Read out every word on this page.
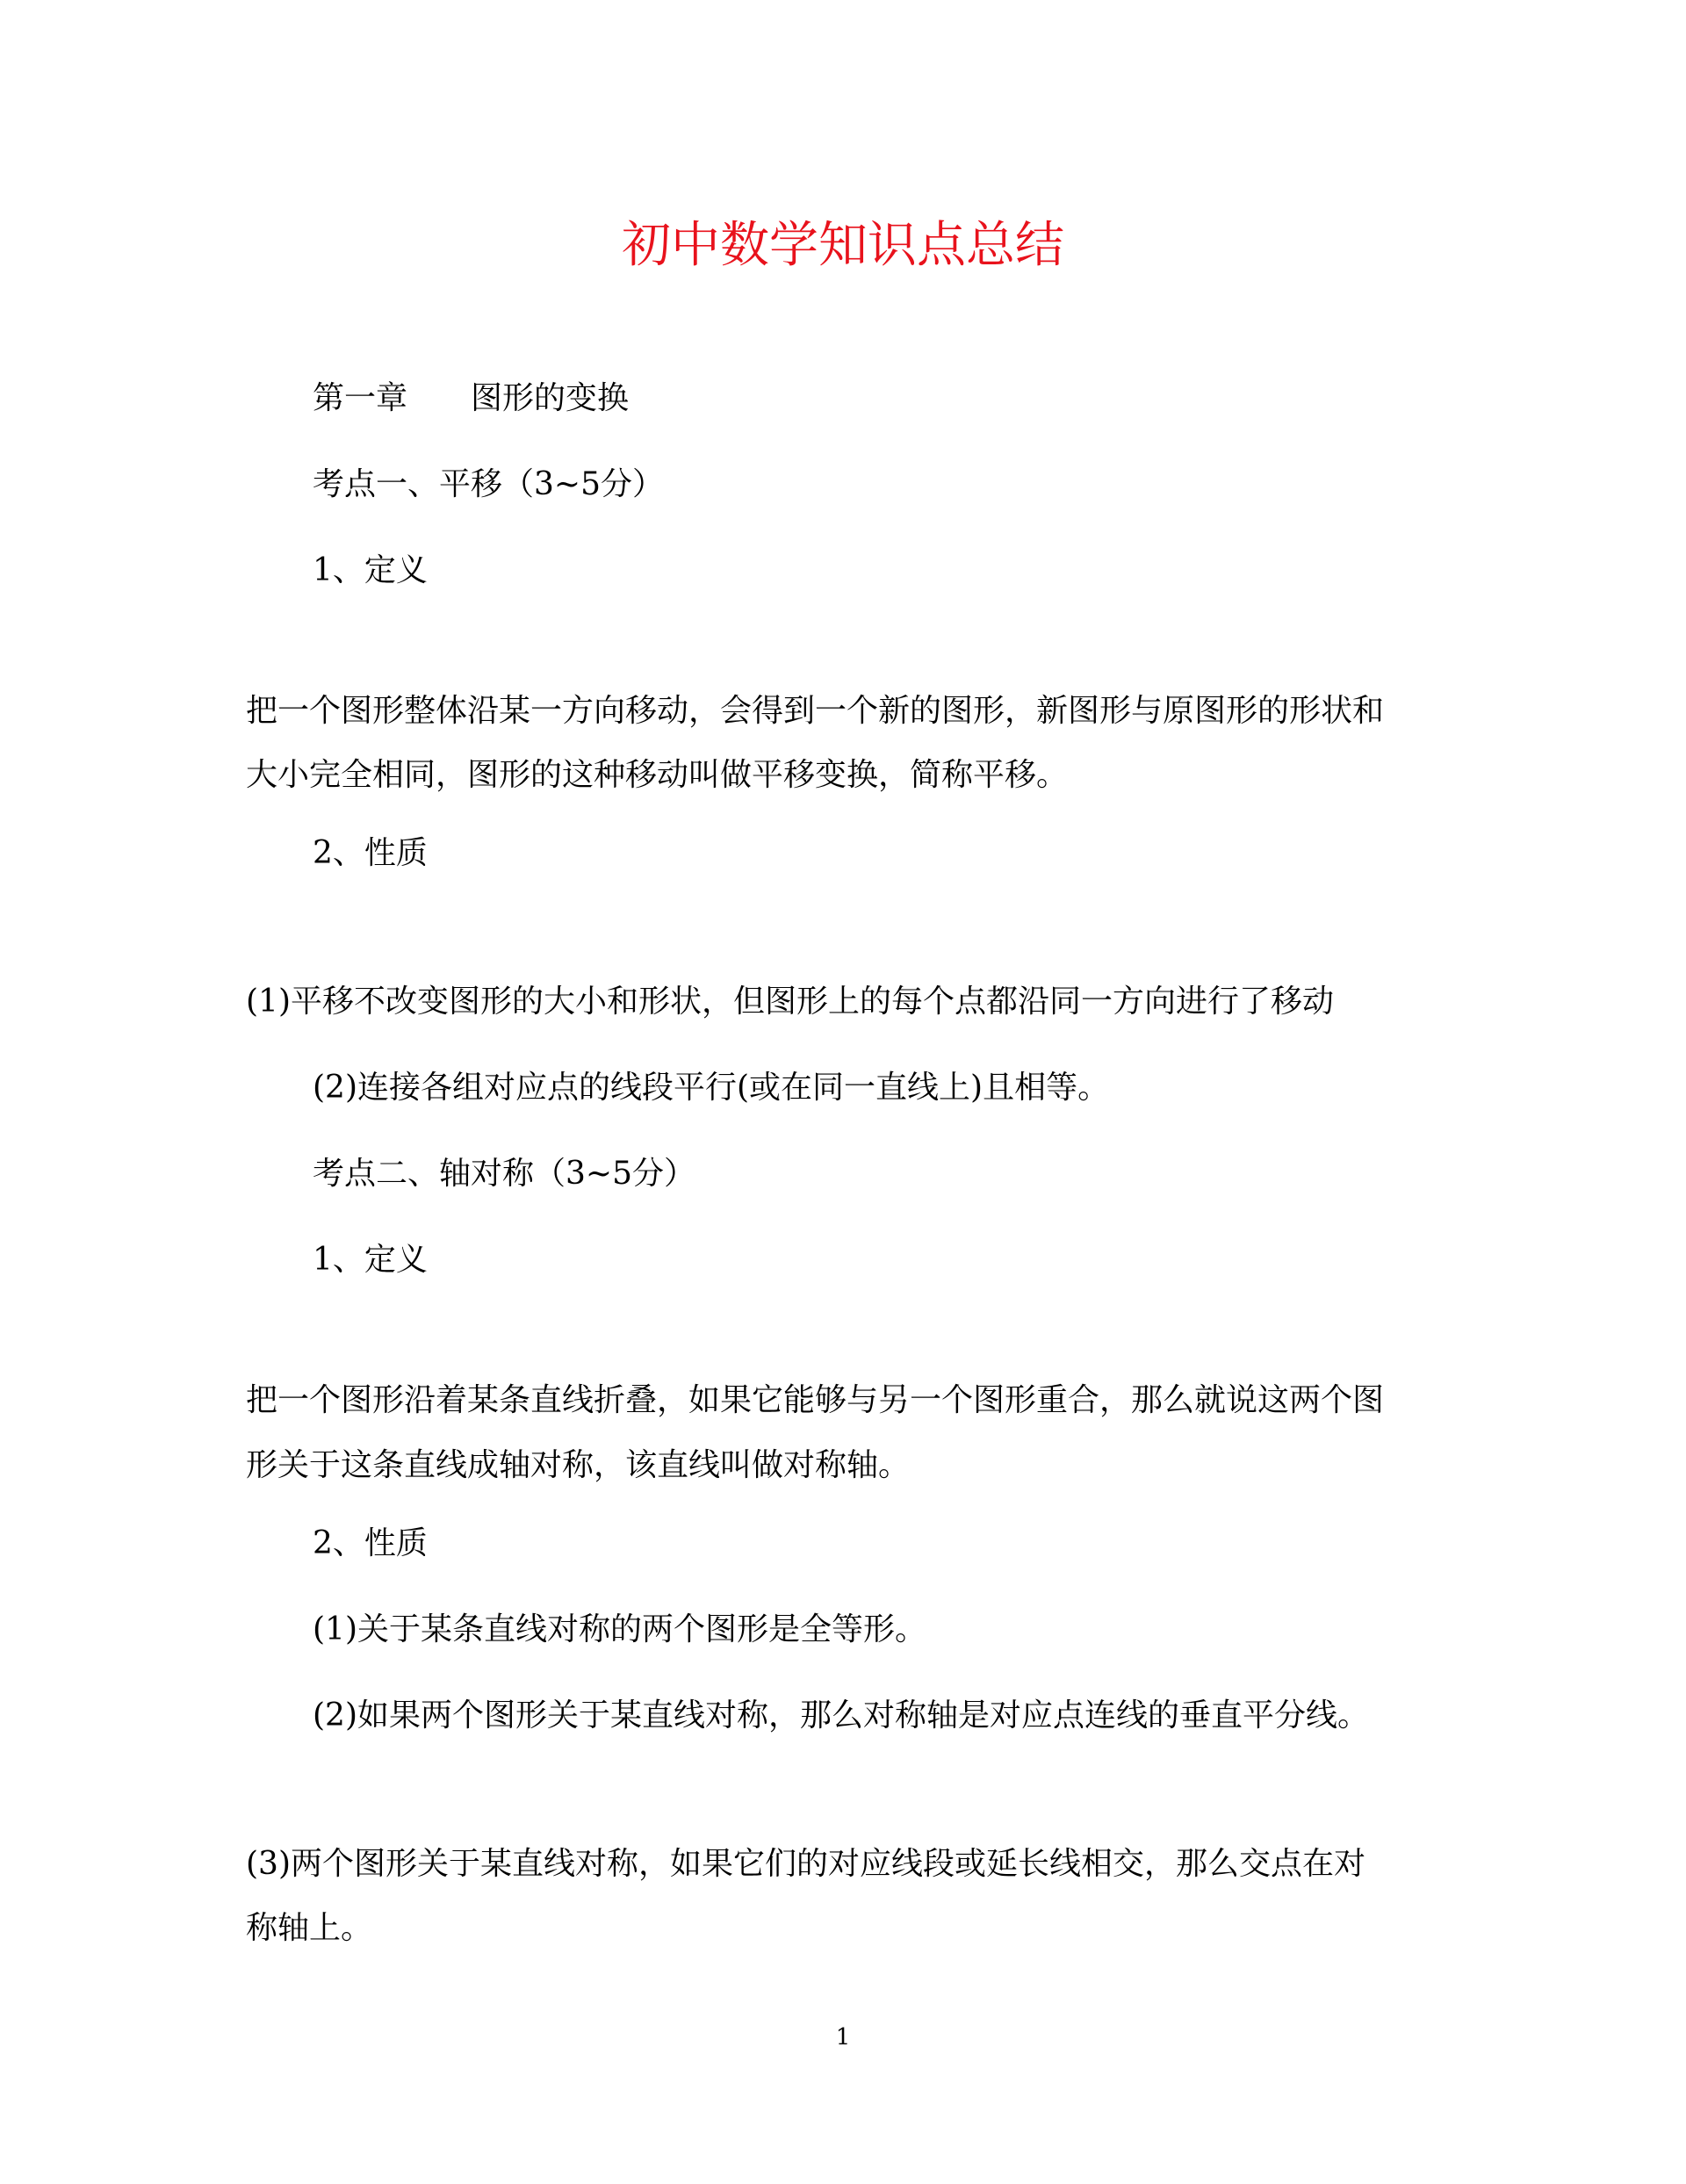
初中数学知识点总结

第一章　　图形的变换

考点一、平移（3~5分）

1、定义

把一个图形整体沿某一方向移动，会得到一个新的图形，新图形与原图形的形状和

大小完全相同，图形的这种移动叫做平移变换，简称平移。

2、性质

(1)平移不改变图形的大小和形状，但图形上的每个点都沿同一方向进行了移动

(2)连接各组对应点的线段平行(或在同一直线上)且相等。

考点二、轴对称（3~5分）

1、定义

把一个图形沿着某条直线折叠，如果它能够与另一个图形重合，那么就说这两个图

形关于这条直线成轴对称，该直线叫做对称轴。

2、性质

(1)关于某条直线对称的两个图形是全等形。

(2)如果两个图形关于某直线对称，那么对称轴是对应点连线的垂直平分线。

(3)两个图形关于某直线对称，如果它们的对应线段或延长线相交，那么交点在对

称轴上。

1
